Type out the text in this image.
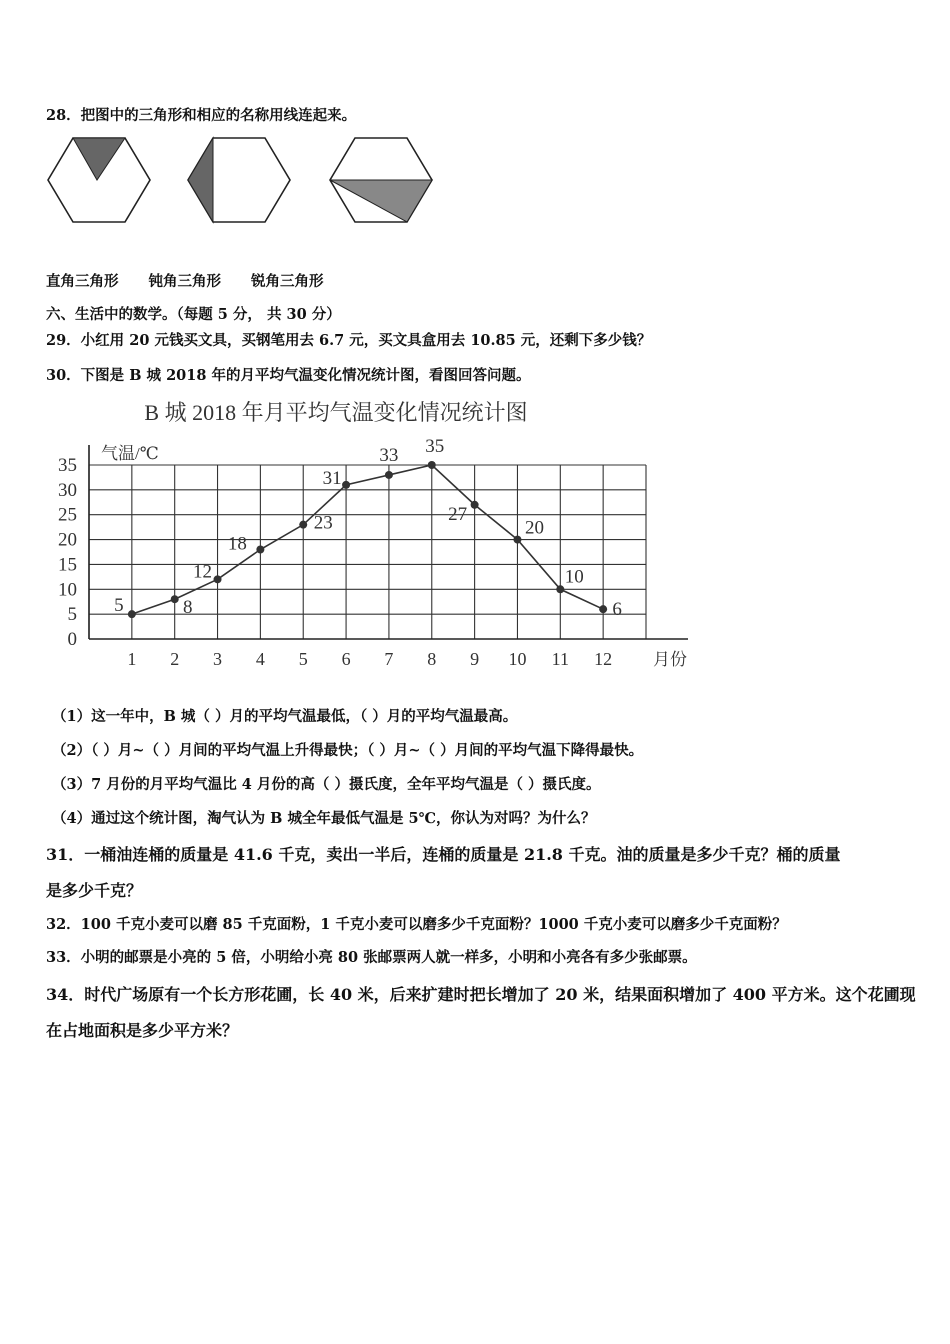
28．把图中的三角形和相应的名称用线连起来。
直角三角形 钝角三角形 锐角三角形
六、生活中的数学。（每题 5 分， 共 30 分）
29．小红用 20 元钱买文具，买钢笔用去 6.7 元，买文具盒用去 10.85 元，还剩下多少钱？
30．下图是 B 城 2018 年的月平均气温变化情况统计图，看图回答问题。
B 城 2018 年月平均气温变化情况统计图
气温/℃
月份
0
5
10
15
20
25
30
35
1 2 3 4 5 6 7 8 9 10 11 12
5	8
12
18
23
31
33 35
27
20
10
6
（1）这一年中，B 城（ ）月的平均气温最低，（ ）月的平均气温最高。
（2）（ ）月~（ ）月间的平均气温上升得最快；（ ）月~（ ）月间的平均气温下降得最快。
（3）7 月份的月平均气温比 4 月份的高（ ）摄氏度，全年平均气温是（ ）摄氏度。
（4）通过这个统计图，淘气认为 B 城全年最低气温是 5℃，你认为对吗？为什么？
31．一桶油连桶的质量是 41.6 千克，卖出一半后，连桶的质量是 21.8 千克。油的质量是多少千克？桶的质量
是多少千克？
32．100 千克小麦可以磨 85 千克面粉，1 千克小麦可以磨多少千克面粉？1000 千克小麦可以磨多少千克面粉？
33．小明的邮票是小亮的 5 倍，小明给小亮 80 张邮票两人就一样多，小明和小亮各有多少张邮票。
34．时代广场原有一个长方形花圃，长 40 米，后来扩建时把长增加了 20 米，结果面积增加了 400 平方米。这个花圃现
在占地面积是多少平方米？
